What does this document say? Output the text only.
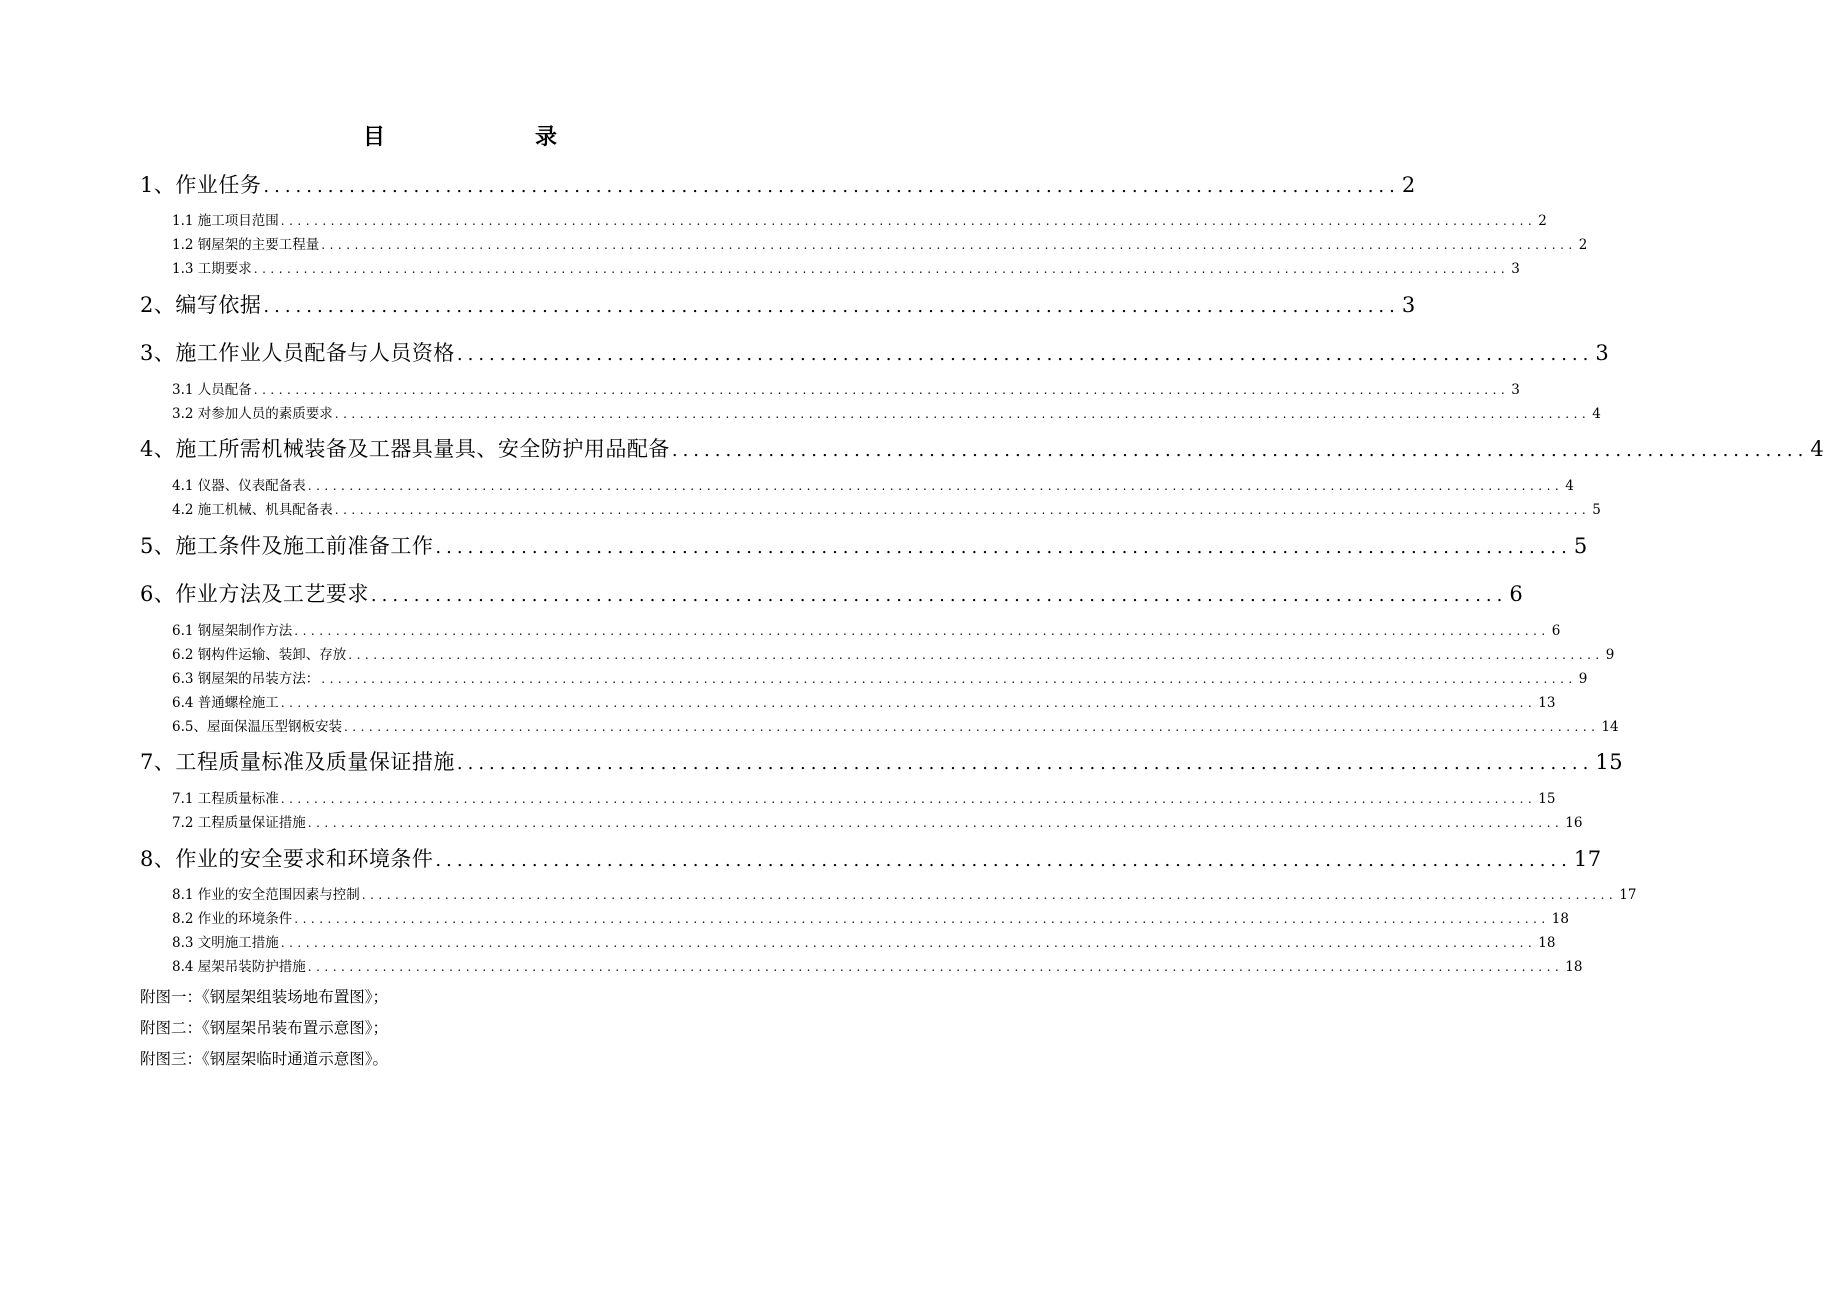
目　录
1、作业任务 .......................................................................................................... 2
1.1 施工项目范围 ....................................................................................................................................................... 2
1.2 钢屋架的主要工程量 ....................................................................................................................................................... 2
1.3 工期要求 ....................................................................................................................................................... 3
2、编写依据 .......................................................................................................... 3
3、施工作业人员配备与人员资格 .......................................................................................................... 3
3.1 人员配备 ....................................................................................................................................................... 3
3.2 对参加人员的素质要求 ....................................................................................................................................................... 4
4、施工所需机械装备及工器具量具、安全防护用品配备 .......................................................................................................... 4
4.1 仪器、仪表配备表 ....................................................................................................................................................... 4
4.2 施工机械、机具配备表 ....................................................................................................................................................... 5
5、施工条件及施工前准备工作 .......................................................................................................... 5
6、作业方法及工艺要求 .......................................................................................................... 6
6.1 钢屋架制作方法 ....................................................................................................................................................... 6
6.2 钢构件运输、装卸、存放 ....................................................................................................................................................... 9
6.3 钢屋架的吊装方法： ....................................................................................................................................................... 9
6.4 普通螺栓施工 ....................................................................................................................................................... 13
6.5、屋面保温压型钢板安装 ....................................................................................................................................................... 14
7、工程质量标准及质量保证措施 .......................................................................................................... 15
7.1 工程质量标准 ....................................................................................................................................................... 15
7.2 工程质量保证措施 ....................................................................................................................................................... 16
8、作业的安全要求和环境条件 .......................................................................................................... 17
8.1 作业的安全范围因素与控制 ....................................................................................................................................................... 17
8.2 作业的环境条件 ....................................................................................................................................................... 18
8.3 文明施工措施 ....................................................................................................................................................... 18
8.4 屋架吊装防护措施 ....................................................................................................................................................... 18
附图一：《钢屋架组装场地布置图》；
附图二：《钢屋架吊装布置示意图》；
附图三：《钢屋架临时通道示意图》。
